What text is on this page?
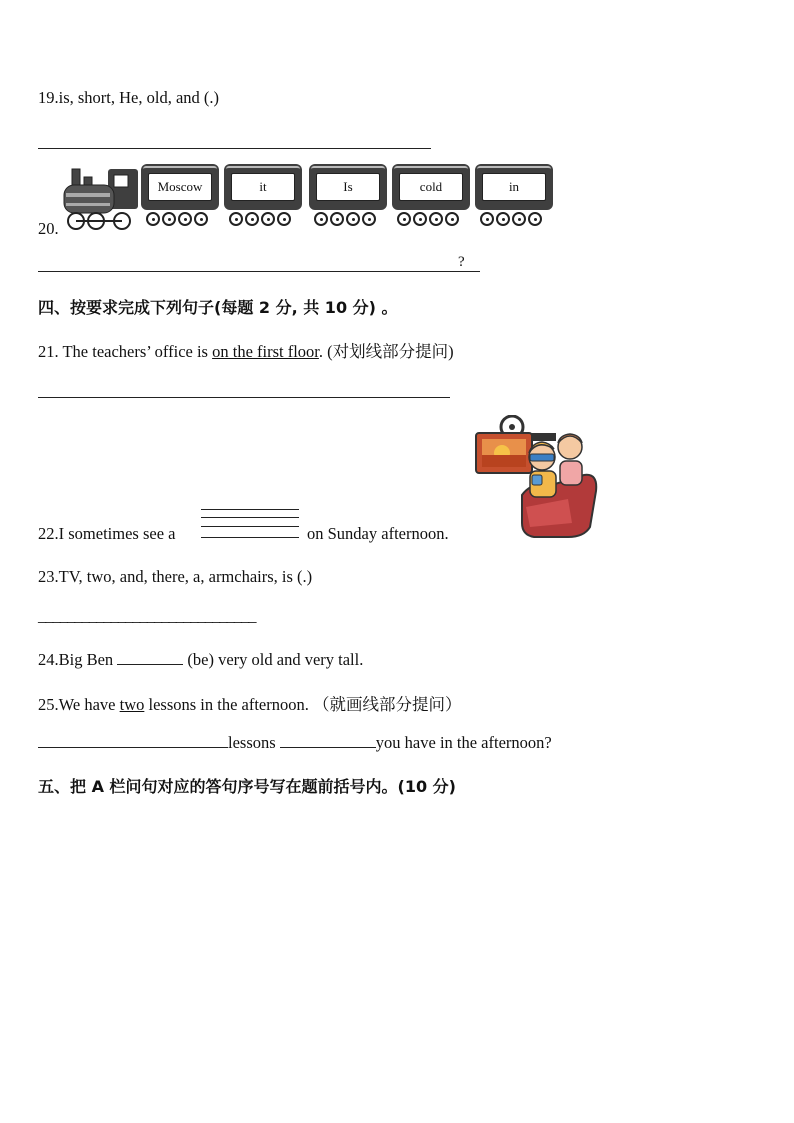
19.is, short, He, old, and (.)
20.
Moscow	it	Is	cold	in
?
四、按要求完成下列句子(每题 2 分, 共 10 分) 。
21. The teachers’ office is on the first floor. (对划线部分提问)
22.I sometimes see a	on Sunday afternoon.
23.TV, two, and, there, a, armchairs, is (.)
______________________________
24.Big Ben	(be) very old and very tall.
25.We have two lessons in the afternoon. （就画线部分提问）
lessons	you have in the afternoon?
五、把 A 栏问句对应的答句序号写在题前括号内。(10 分)
